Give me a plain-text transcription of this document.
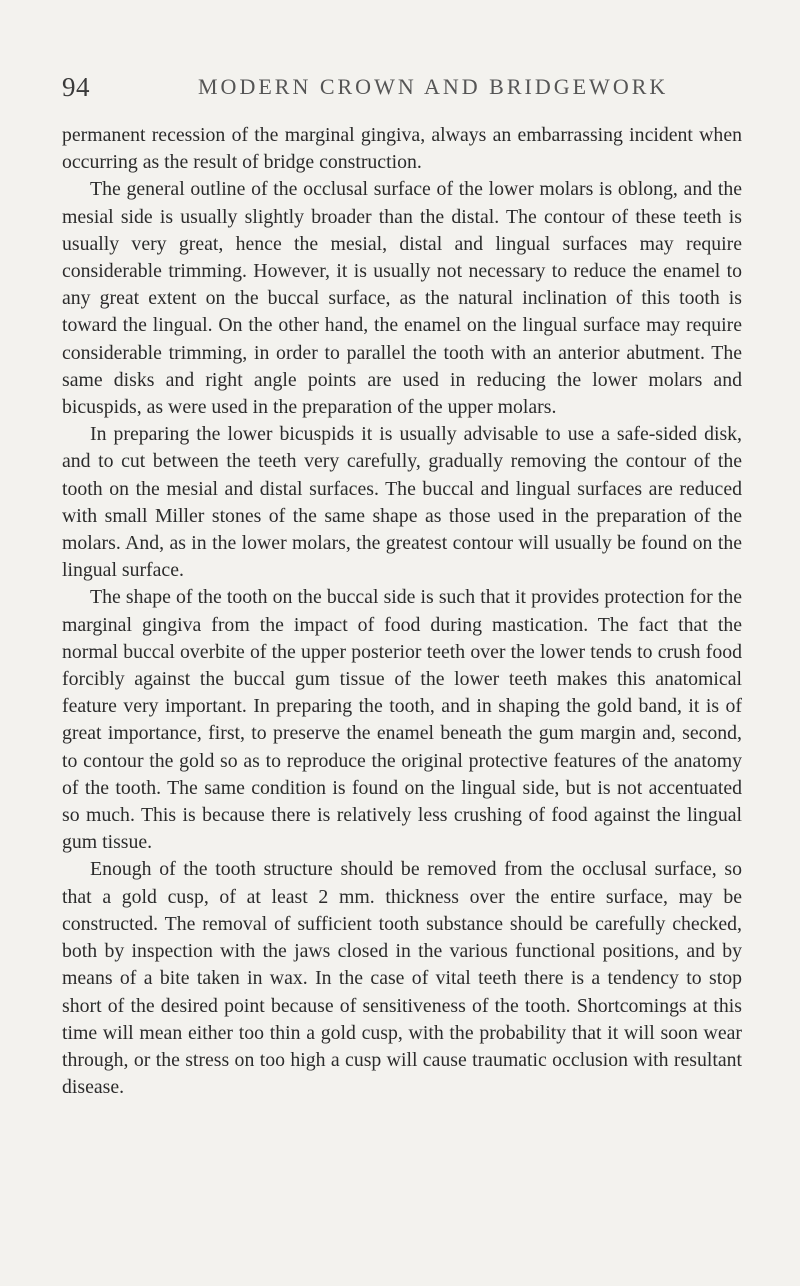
94	MODERN CROWN AND BRIDGEWORK

permanent recession of the marginal gingiva, always an embarrassing incident when occurring as the result of bridge construction.

The general outline of the occlusal surface of the lower molars is oblong, and the mesial side is usually slightly broader than the distal. The contour of these teeth is usually very great, hence the mesial, distal and lingual surfaces may require considerable trimming. However, it is usually not necessary to reduce the enamel to any great extent on the buccal surface, as the natural inclination of this tooth is toward the lingual. On the other hand, the enamel on the lingual surface may require considerable trimming, in order to parallel the tooth with an anterior abutment. The same disks and right angle points are used in reducing the lower molars and bicuspids, as were used in the preparation of the upper molars.

In preparing the lower bicuspids it is usually advisable to use a safe-sided disk, and to cut between the teeth very carefully, gradually removing the contour of the tooth on the mesial and distal surfaces. The buccal and lingual surfaces are reduced with small Miller stones of the same shape as those used in the preparation of the molars. And, as in the lower molars, the greatest contour will usually be found on the lingual surface.

The shape of the tooth on the buccal side is such that it provides protection for the marginal gingiva from the impact of food during mastication. The fact that the normal buccal overbite of the upper posterior teeth over the lower tends to crush food forcibly against the buccal gum tissue of the lower teeth makes this anatomical feature very important. In preparing the tooth, and in shaping the gold band, it is of great importance, first, to preserve the enamel beneath the gum margin and, second, to contour the gold so as to reproduce the original protective features of the anatomy of the tooth. The same condition is found on the lingual side, but is not accentuated so much. This is because there is relatively less crushing of food against the lingual gum tissue.

Enough of the tooth structure should be removed from the occlusal surface, so that a gold cusp, of at least 2 mm. thickness over the entire surface, may be constructed. The removal of sufficient tooth substance should be carefully checked, both by inspection with the jaws closed in the various functional positions, and by means of a bite taken in wax. In the case of vital teeth there is a tendency to stop short of the desired point because of sensitiveness of the tooth. Shortcomings at this time will mean either too thin a gold cusp, with the probability that it will soon wear through, or the stress on too high a cusp will cause traumatic occlusion with resultant disease.
